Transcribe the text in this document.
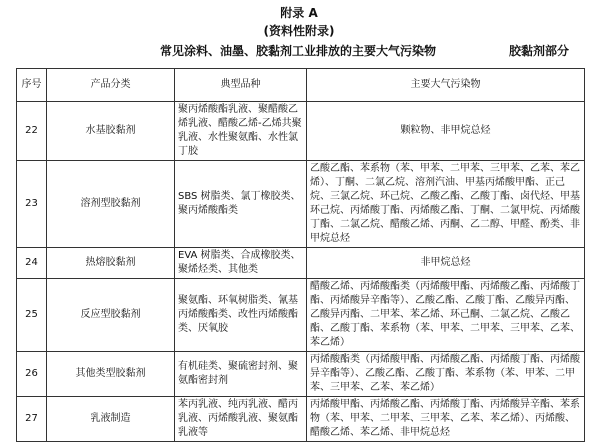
附录 A
(资料性附录)
常见涂料、油墨、胶黏剂工业排放的主要大气污染物	胶黏剂部分
序号	产品分类	典型品种	主要大气污染物
22	水基胶黏剂	聚丙烯酸酯乳液、聚醋酸乙烯乳液、醋酸乙烯-乙烯共聚乳液、水性聚氨酯、水性氯丁胶	颗粒物、非甲烷总烃
23	溶剂型胶黏剂	SBS 树脂类、氯丁橡胶类、聚丙烯酸酯类	乙酸乙酯、苯系物（苯、甲苯、二甲苯、三甲苯、乙苯、苯乙烯）、丁酮、二氯乙烷、溶剂汽油、甲基丙烯酸甲酯、正己烷、三氯乙烷、环己烷、乙酸乙酯、乙酸丁酯、卤代烃、甲基环己烷、丙烯酸丁酯、丙烯酸乙酯、丁酮、二氯甲烷、丙烯酸丁酯、二氯乙烷、醋酸乙烯、丙酮、乙二醇、甲醛、酚类、非甲烷总烃
24	热熔胶黏剂	EVA 树脂类、合成橡胶类、聚烯烃类、其他类	非甲烷总烃
25	反应型胶黏剂	聚氨酯、环氧树脂类、氰基丙烯酸酯类、改性丙烯酸酯类、厌氧胶	醋酸乙烯、丙烯酸酯类（丙烯酸甲酯、丙烯酸乙酯、丙烯酸丁酯、丙烯酸异辛酯等）、乙酸乙酯、乙酸丁酯、乙酸异丙酯、乙酸异丙酯、二甲苯、苯乙烯、环己酮、二氯乙烷、乙酸乙酯、乙酸丁酯、苯系物（苯、甲苯、二甲苯、三甲苯、乙苯、苯乙烯）
26	其他类型胶黏剂	有机硅类、聚硫密封剂、聚氨酯密封剂	丙烯酸酯类（丙烯酸甲酯、丙烯酸乙酯、丙烯酸丁酯、丙烯酸异辛酯等）、乙酸乙酯、乙酸丁酯、苯系物（苯、甲苯、二甲苯、三甲苯、乙苯、苯乙烯）
27	乳液制造	苯丙乳液、纯丙乳液、醋丙乳液、丙烯酸乳液、聚氨酯乳液等	丙烯酸甲酯、丙烯酸乙酯、丙烯酸丁酯、丙烯酸异辛酯、苯系物（苯、甲苯、二甲苯、三甲苯、乙苯、苯乙烯）、丙烯酸、醋酸乙烯、苯乙烯、非甲烷总烃
